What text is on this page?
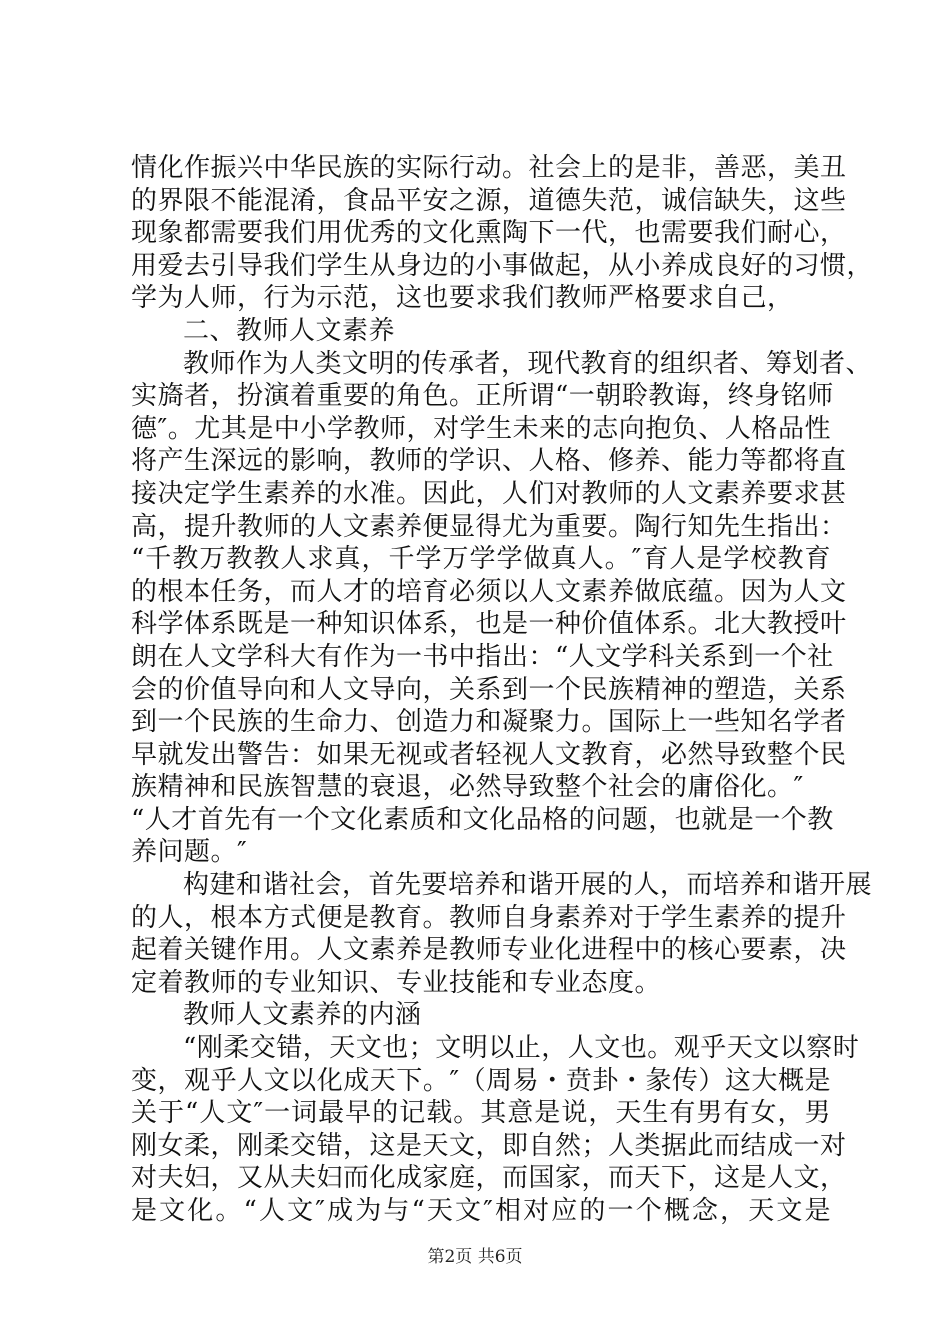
情化作振兴中华民族的实际行动。社会上的是非，善恶，美丑
的界限不能混淆，食品平安之源，道德失范，诚信缺失，这些
现象都需要我们用优秀的文化熏陶下一代，也需要我们耐心，
用爱去引导我们学生从身边的小事做起，从小养成良好的习惯，
学为人师，行为示范，这也要求我们教师严格要求自己，
二、教师人文素养
教师作为人类文明的传承者，现代教育的组织者、筹划者、
实旖者，扮演着重要的角色。正所谓“一朝聆教诲，终身铭师
德″。尤其是中小学教师，对学生未来的志向抱负、人格品性
将产生深远的影响，教师的学识、人格、修养、能力等都将直
接决定学生素养的水准。因此，人们对教师的人文素养要求甚
高，提升教师的人文素养便显得尤为重要。陶行知先生指出：
“千教万教教人求真，千学万学学做真人。″育人是学校教育
的根本任务，而人才的培育必须以人文素养做底蕴。因为人文
科学体系既是一种知识体系，也是一种价值体系。北大教授叶
朗在人文学科大有作为一书中指出：“人文学科关系到一个社
会的价值导向和人文导向，关系到一个民族精神的塑造，关系
到一个民族的生命力、创造力和凝聚力。国际上一些知名学者
早就发出警告：如果无视或者轻视人文教育，必然导致整个民
族精神和民族智慧的衰退，必然导致整个社会的庸俗化。″
“人才首先有一个文化素质和文化品格的问题，也就是一个教
养问题。″
构建和谐社会，首先要培养和谐开展的人，而培养和谐开展
的人，根本方式便是教育。教师自身素养对于学生素养的提升
起着关键作用。人文素养是教师专业化进程中的核心要素，决
定着教师的专业知识、专业技能和专业态度。
教师人文素养的内涵
“刚柔交错，天文也；文明以止，人文也。观乎天文以察时
变，观乎人文以化成天下。″（周易・贲卦・彖传）这大概是
关于“人文″一词最早的记载。其意是说，天生有男有女，男
刚女柔，刚柔交错，这是天文，即自然；人类据此而结成一对
对夫妇，又从夫妇而化成家庭，而国家，而天下，这是人文，
是文化。“人文″成为与“天文″相对应的一个概念，天文是
第2页 共6页
